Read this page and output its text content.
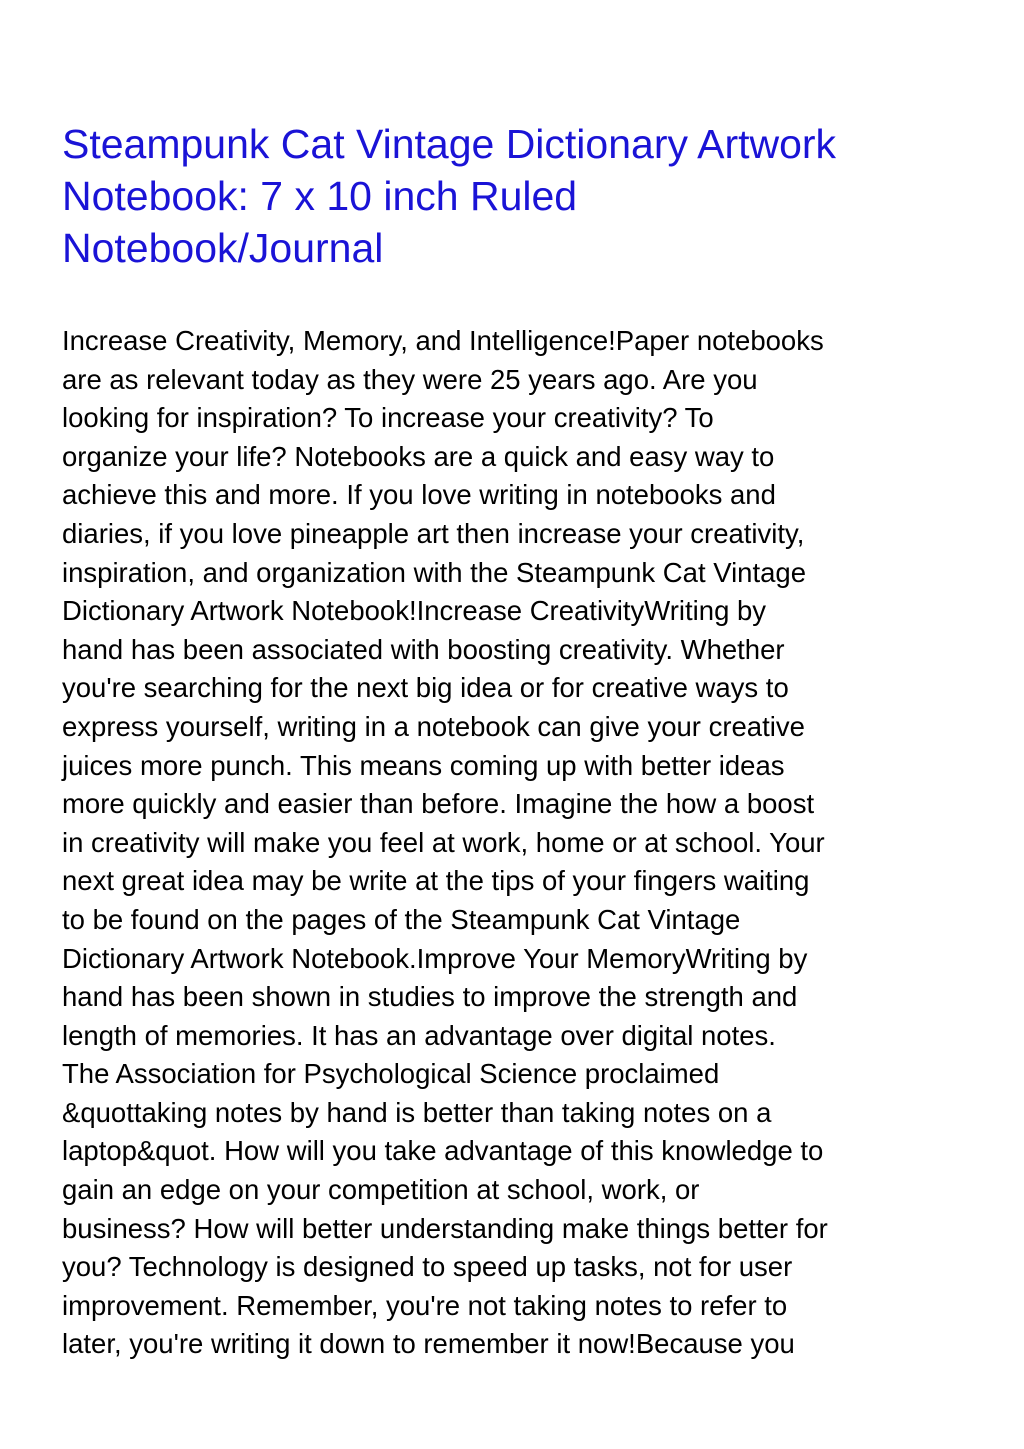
Steampunk Cat Vintage Dictionary Artwork
Notebook: 7 x 10 inch Ruled
Notebook/Journal
Increase Creativity, Memory, and Intelligence!Paper notebooks
are as relevant today as they were 25 years ago. Are you
looking for inspiration? To increase your creativity? To
organize your life? Notebooks are a quick and easy way to
achieve this and more. If you love writing in notebooks and
diaries, if you love pineapple art then increase your creativity,
inspiration, and organization with the Steampunk Cat Vintage
Dictionary Artwork Notebook!Increase CreativityWriting by
hand has been associated with boosting creativity. Whether
you're searching for the next big idea or for creative ways to
express yourself, writing in a notebook can give your creative
juices more punch. This means coming up with better ideas
more quickly and easier than before. Imagine the how a boost
in creativity will make you feel at work, home or at school. Your
next great idea may be write at the tips of your fingers waiting
to be found on the pages of the Steampunk Cat Vintage
Dictionary Artwork Notebook.Improve Your MemoryWriting by
hand has been shown in studies to improve the strength and
length of memories. It has an advantage over digital notes.
The Association for Psychological Science proclaimed
&quottaking notes by hand is better than taking notes on a
laptop&quot. How will you take advantage of this knowledge to
gain an edge on your competition at school, work, or
business? How will better understanding make things better for
you? Technology is designed to speed up tasks, not for user
improvement. Remember, you're not taking notes to refer to
later, you're writing it down to remember it now!Because you
